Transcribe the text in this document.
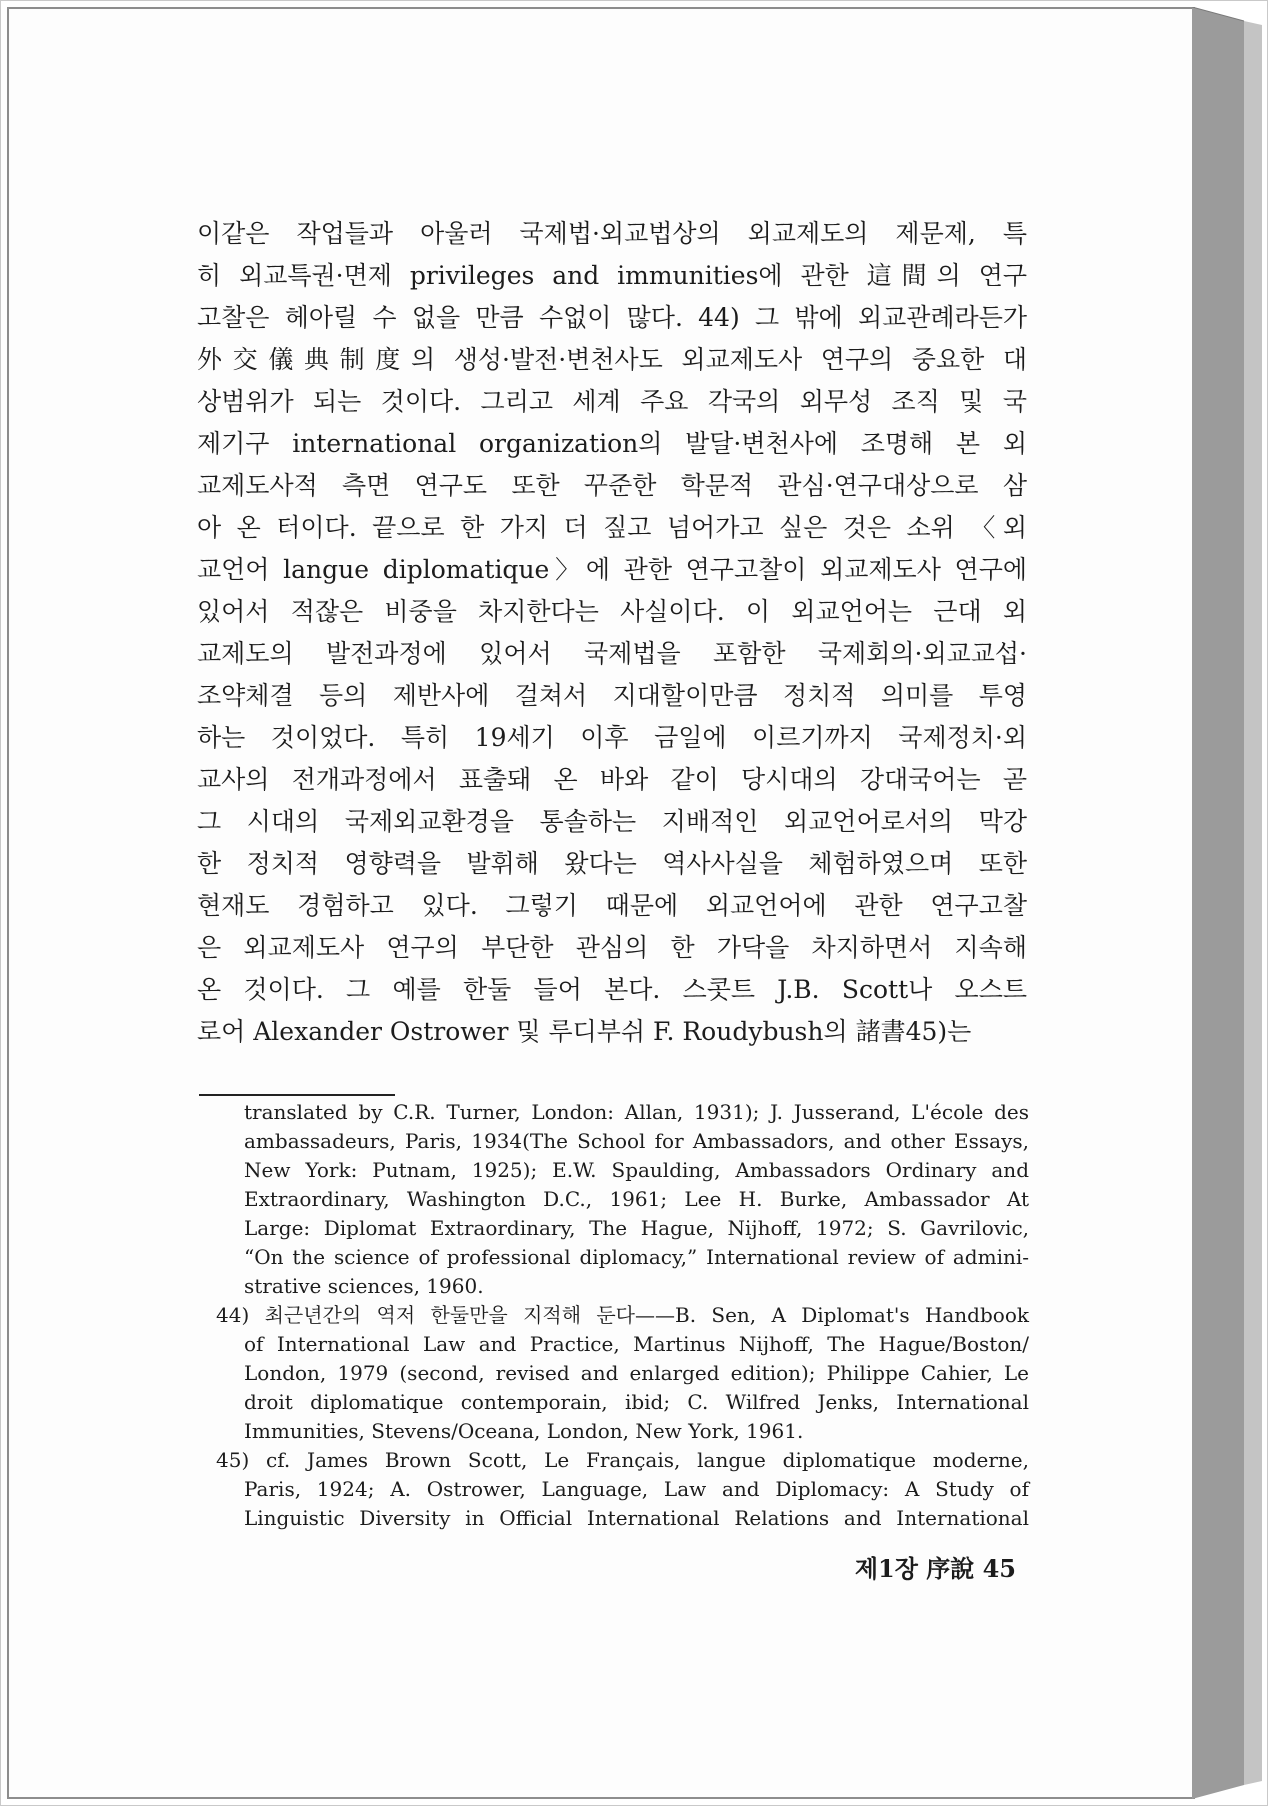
이같은 작업들과 아울러 국제법·외교법상의 외교제도의 제문제, 특
히 외교특권·면제 privileges and immunities에 관한 這間의 연구
고찰은 헤아릴 수 없을 만큼 수없이 많다. 44) 그 밖에 외교관례라든가
外交儀典制度의 생성·발전·변천사도 외교제도사 연구의 중요한 대
상범위가 되는 것이다. 그리고 세계 주요 각국의 외무성 조직 및 국
제기구 international organization의 발달·변천사에 조명해 본 외
교제도사적 측면 연구도 또한 꾸준한 학문적 관심·연구대상으로 삼
아 온 터이다. 끝으로 한 가지 더 짚고 넘어가고 싶은 것은 소위 〈외
교언어 langue diplomatique〉에 관한 연구고찰이 외교제도사 연구에
있어서 적잖은 비중을 차지한다는 사실이다. 이 외교언어는 근대 외
교제도의 발전과정에 있어서 국제법을 포함한 국제회의·외교교섭·
조약체결 등의 제반사에 걸쳐서 지대할이만큼 정치적 의미를 투영
하는 것이었다. 특히 19세기 이후 금일에 이르기까지 국제정치·외
교사의 전개과정에서 표출돼 온 바와 같이 당시대의 강대국어는 곧
그 시대의 국제외교환경을 통솔하는 지배적인 외교언어로서의 막강
한 정치적 영향력을 발휘해 왔다는 역사사실을 체험하였으며 또한
현재도 경험하고 있다. 그렇기 때문에 외교언어에 관한 연구고찰
은 외교제도사 연구의 부단한 관심의 한 가닥을 차지하면서 지속해
온 것이다. 그 예를 한둘 들어 본다. 스콧트 J.B. Scott나 오스트
로어 Alexander Ostrower 및 루디부쉬 F. Roudybush의 諸書45)는
translated by C.R. Turner, London: Allan, 1931); J. Jusserand, L'école des
ambassadeurs, Paris, 1934(The School for Ambassadors, and other Essays,
New York: Putnam, 1925); E.W. Spaulding, Ambassadors Ordinary and
Extraordinary, Washington D.C., 1961; Lee H. Burke, Ambassador At
Large: Diplomat Extraordinary, The Hague, Nijhoff, 1972; S. Gavrilovic,
“On the science of professional diplomacy,” International review of admini-
strative sciences, 1960.
44) 최근년간의 역저 한둘만을 지적해 둔다——B. Sen, A Diplomat's Handbook
of International Law and Practice, Martinus Nijhoff, The Hague/Boston/
London, 1979 (second, revised and enlarged edition); Philippe Cahier, Le
droit diplomatique contemporain, ibid; C. Wilfred Jenks, International
Immunities, Stevens/Oceana, London, New York, 1961.
45) cf. James Brown Scott, Le Français, langue diplomatique moderne,
Paris, 1924; A. Ostrower, Language, Law and Diplomacy: A Study of
Linguistic Diversity in Official International Relations and International
제1장 序說 45
